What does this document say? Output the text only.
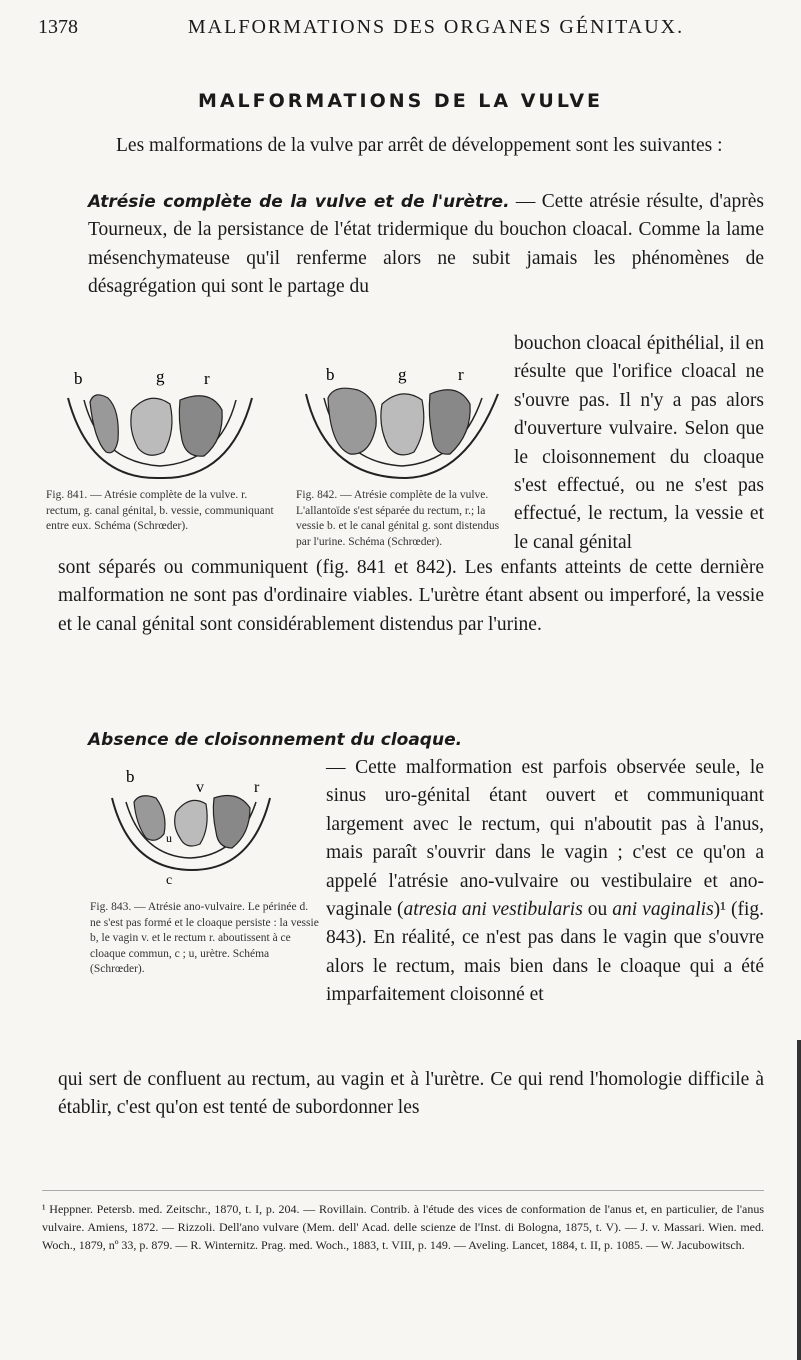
1378	MALFORMATIONS DES ORGANES GÉNITAUX.
MALFORMATIONS DE LA VULVE

Les malformations de la vulve par arrêt de développement sont les suivantes :

Atrésie complète de la vulve et de l'urètre. — Cette atrésie résulte, d'après Tourneux, de la persistance de l'état tridermique du bouchon cloacal. Comme la lame mésenchymateuse qu'il renferme alors ne subit jamais les phénomènes de désagrégation qui sont le partage du

bouchon cloacal épithélial, il en résulte que l'orifice cloacal ne s'ouvre pas. Il n'y a pas alors d'ouverture vulvaire. Selon que le cloisonnement du cloaque s'est effectué, ou ne s'est pas effectué, le rectum, la vessie et le canal génital

sont séparés ou communiquent (fig. 841 et 842). Les enfants atteints de cette dernière malformation ne sont pas d'ordinaire viables. L'urètre étant absent ou imperforé, la vessie et le canal génital sont considérablement distendus par l'urine.

b	g r

Fig. 841. — Atrésie complète de la vulve. r. rectum, g. canal génital, b. vessie, communiquant entre eux. Schéma (Schrœder).

b	g	r

Fig. 842. — Atrésie complète de la vulve. L'allantoïde s'est séparée du rectum, r.; la vessie b. et le canal génital g. sont distendus par l'urine. Schéma (Schrœder).

Absence de cloisonnement du cloaque.

— Cette malformation est parfois observée seule, le sinus uro-génital étant ouvert et communiquant largement avec le rectum, qui n'aboutit pas à l'anus, mais paraît s'ouvrir dans le vagin ; c'est ce qu'on a appelé l'atrésie ano-vulvaire ou vestibulaire et ano-vaginale (atresia ani vestibularis ou ani vaginalis)¹ (fig. 843). En réalité, ce n'est pas dans le vagin que s'ouvre alors le rectum, mais bien dans le cloaque qui a été imparfaitement cloisonné et

qui sert de confluent au rectum, au vagin et à l'urètre. Ce qui rend l'homologie difficile à établir, c'est qu'on est tenté de subordonner les

b
v	r
u
c

Fig. 843. — Atrésie ano-vulvaire. Le périnée d. ne s'est pas formé et le cloaque persiste : la vessie b, le vagin v. et le rectum r. aboutissent à ce cloaque commun, c ; u, urètre. Schéma (Schrœder).

¹ Heppner. Petersb. med. Zeitschr., 1870, t. I, p. 204. — Rovillain. Contrib. à l'étude des vices de conformation de l'anus et, en particulier, de l'anus vulvaire. Amiens, 1872. — Rizzoli. Dell'ano vulvare (Mem. dell' Acad. delle scienze de l'Inst. di Bologna, 1875, t. V). — J. v. Massari. Wien. med. Woch., 1879, nº 33, p. 879. — R. Winternitz. Prag. med. Woch., 1883, t. VIII, p. 149. — Aveling. Lancet, 1884, t. II, p. 1085. — W. Jacubowitsch.
